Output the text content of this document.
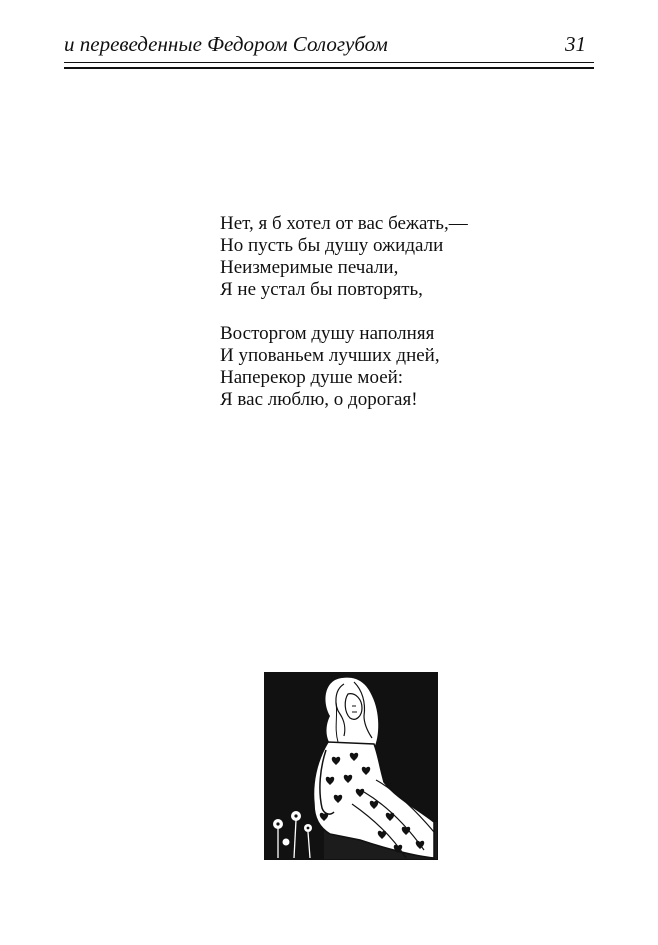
и переведенные Федором Сологубом	31
Нет, я б хотел от вас бежать,—
Но пусть бы душу ожидали
Неизмеримые печали,
Я не устал бы повторять,
Восторгом душу наполняя
И упованьем лучших дней,
Наперекор душе моей:
Я вас люблю, о дорогая!
